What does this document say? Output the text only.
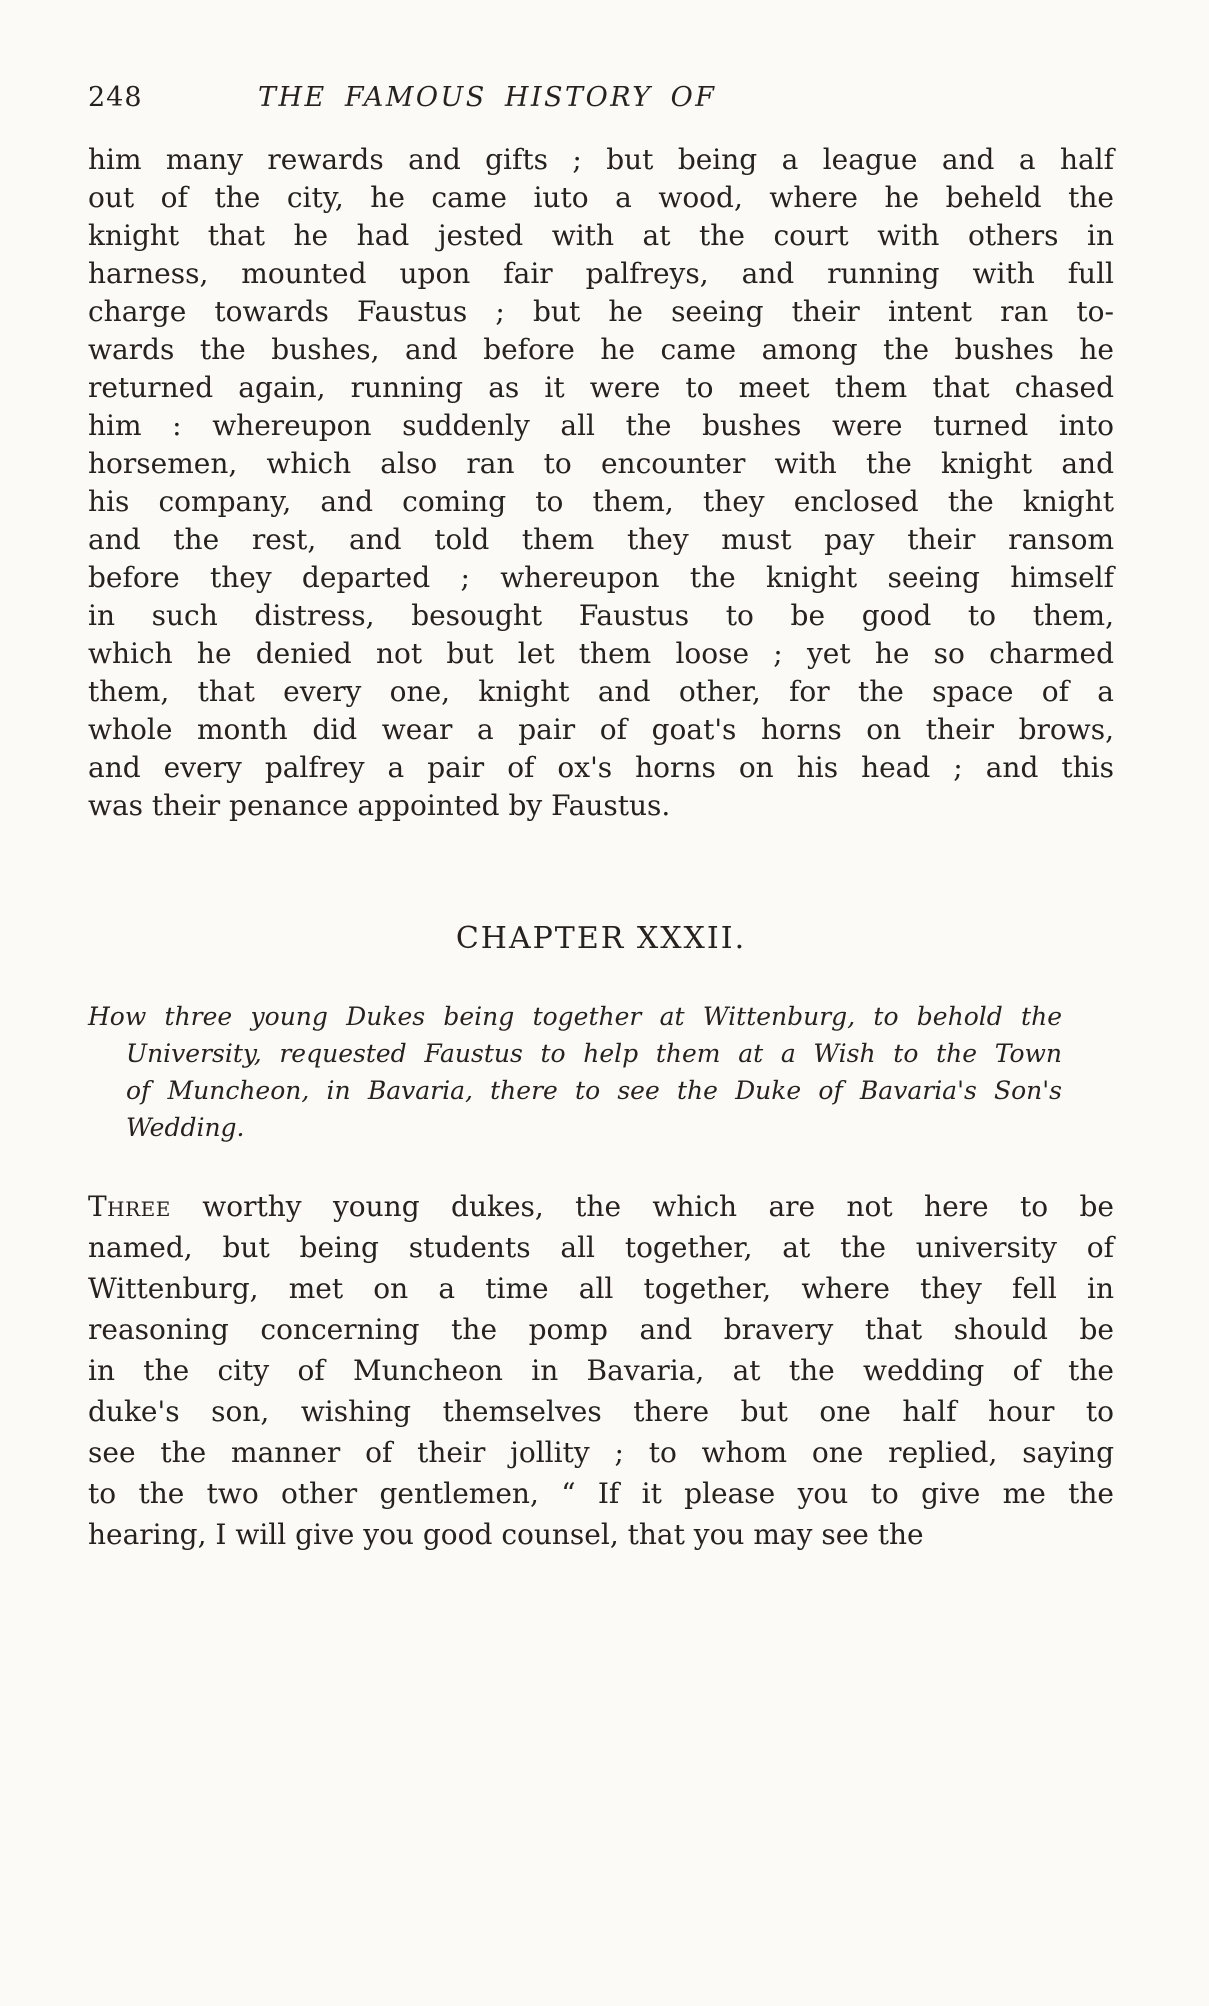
248	THE FAMOUS HISTORY OF
him many rewards and gifts ; but being a league and a half
out of the city, he came iuto a wood, where he beheld the
knight that he had jested with at the court with others in
harness, mounted upon fair palfreys, and running with full
charge towards Faustus ; but he seeing their intent ran to-
wards the bushes, and before he came among the bushes he
returned again, running as it were to meet them that chased
him : whereupon suddenly all the bushes were turned into
horsemen, which also ran to encounter with the knight and
his company, and coming to them, they enclosed the knight
and the rest, and told them they must pay their ransom
before they departed ; whereupon the knight seeing himself
in such distress, besought Faustus to be good to them,
which he denied not but let them loose ; yet he so charmed
them, that every one, knight and other, for the space of a
whole month did wear a pair of goat's horns on their brows,
and every palfrey a pair of ox's horns on his head ; and this
was their penance appointed by Faustus.
CHAPTER XXXII.
How three young Dukes being together at Wittenburg, to behold the
University, requested Faustus to help them at a Wish to the Town
of Muncheon, in Bavaria, there to see the Duke of Bavaria's Son's
Wedding.
Three worthy young dukes, the which are not here to be
named, but being students all together, at the university of
Wittenburg, met on a time all together, where they fell in
reasoning concerning the pomp and bravery that should be
in the city of Muncheon in Bavaria, at the wedding of the
duke's son, wishing themselves there but one half hour to
see the manner of their jollity ; to whom one replied, saying
to the two other gentlemen, “ If it please you to give me the
hearing, I will give you good counsel, that you may see the
